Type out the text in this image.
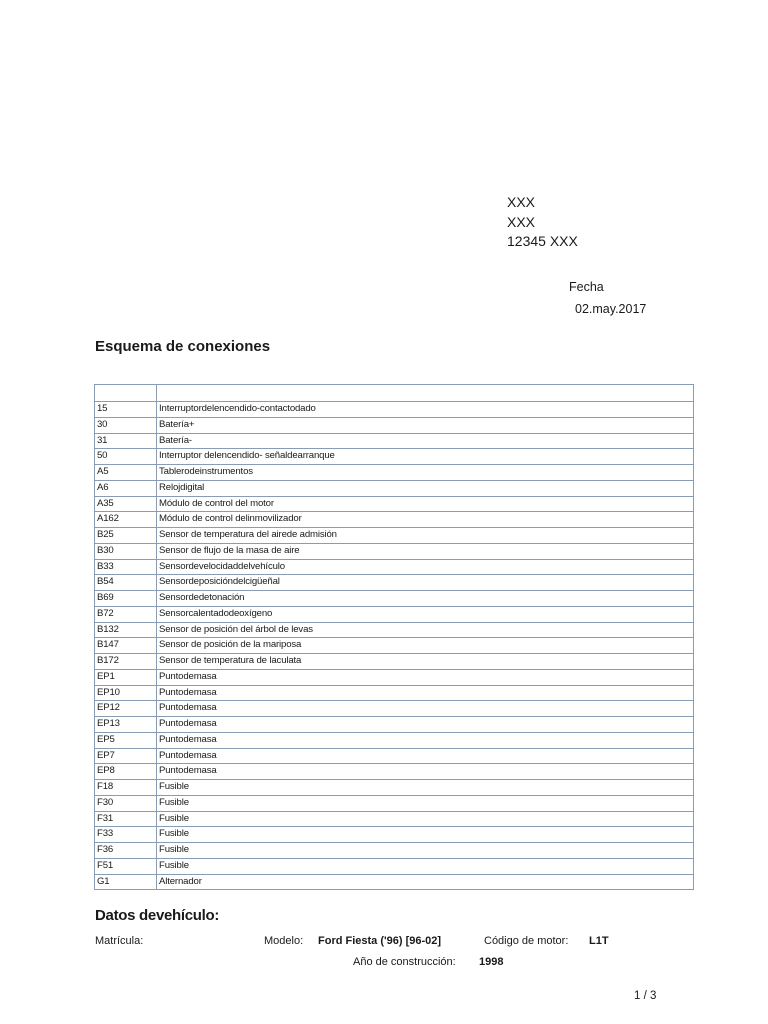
XXX
XXX
12345 XXX
Fecha
02.may.2017
Esquema de conexiones

15	Interruptordelencendido-contactodado
30	Batería+
31	Batería-
50	Interruptor delencendido- señaldearranque
A5	Tablerodeinstrumentos
A6	Relojdigital
A35	Módulo de control del motor
A162	Módulo de control delinmovilizador
B25	Sensor de temperatura del airede admisión
B30	Sensor de flujo de la masa de aire
B33	Sensordevelocidaddelvehículo
B54	Sensordeposicióndelcigüeñal
B69	Sensordedetonación
B72	Sensorcalentadodeoxígeno
B132	Sensor de posición del árbol de levas
B147	Sensor de posición de la mariposa
B172	Sensor de temperatura de laculata
EP1	Puntodemasa
EP10	Puntodemasa
EP12	Puntodemasa
EP13	Puntodemasa
EP5	Puntodemasa
EP7	Puntodemasa
EP8	Puntodemasa
F18	Fusible
F30	Fusible
F31	Fusible
F33	Fusible
F36	Fusible
F51	Fusible
G1	Alternador
Datos devehículo:
Matrícula:	Modelo: Ford Fiesta ('96) [96-02]	Código de motor: L1T
Año de construcción: 1998
1 / 3
